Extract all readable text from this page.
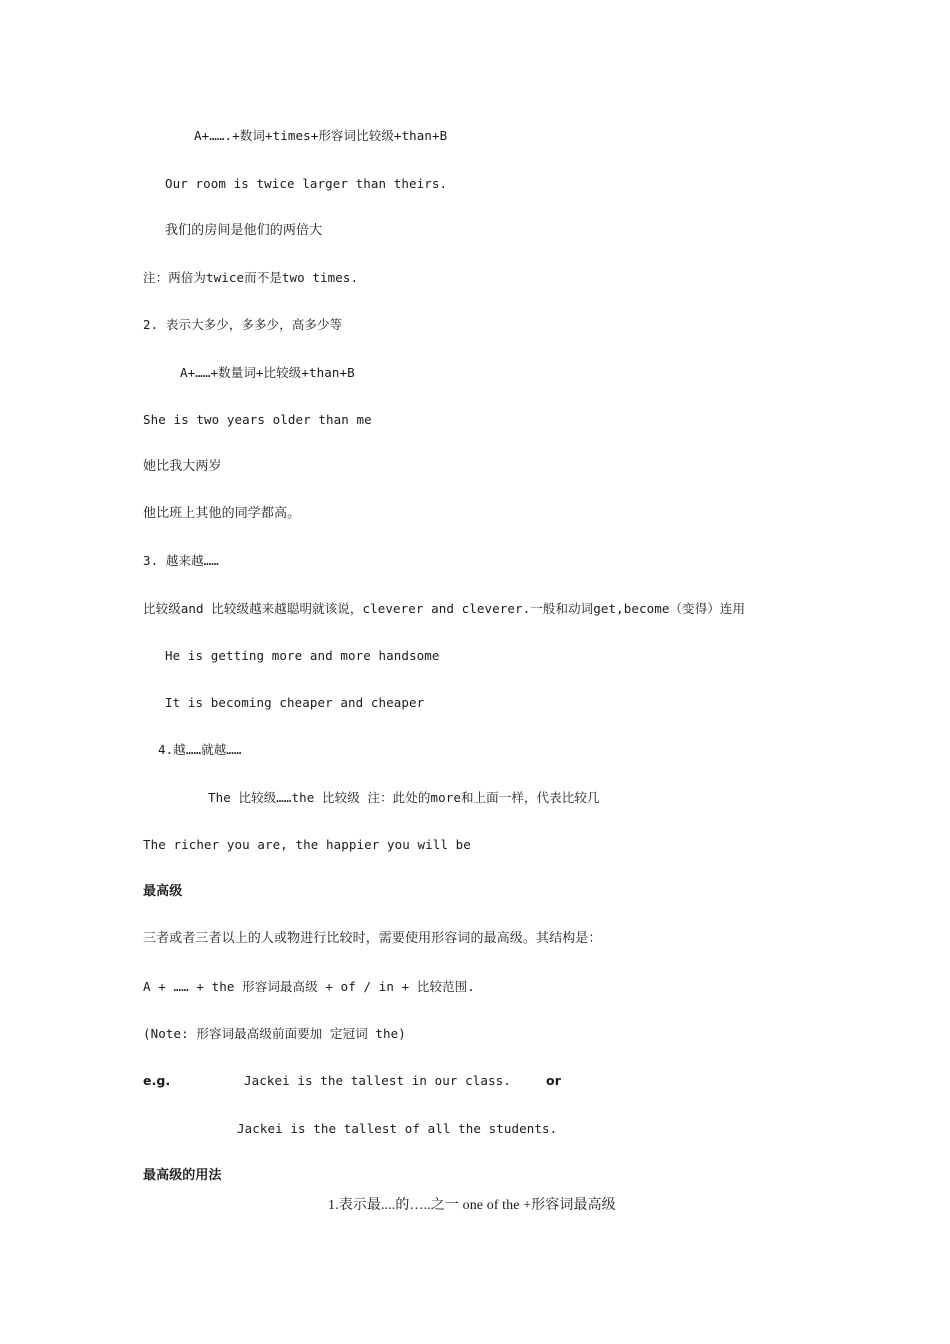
A+…….+数词+times+形容词比较级+than+B
Our room is twice larger than theirs.
我们的房间是他们的两倍大
注：两倍为twice而不是two times.
2. 表示大多少，多多少，高多少等
A+……+数量词+比较级+than+B
She is two years older than me
她比我大两岁
他比班上其他的同学都高。
3. 越来越……
比较级and 比较级越来越聪明就该说，cleverer and cleverer.一般和动词get,become（变得）连用
He is getting more and more handsome
It is becoming cheaper and cheaper
4.越……就越……
The 比较级……the 比较级 注：此处的more和上面一样，代表比较几
The richer you are, the happier you will be
最高级
三者或者三者以上的人或物进行比较时，需要使用形容词的最高级。其结构是：
A + …… + the 形容词最高级 + of / in + 比较范围.
(Note: 形容词最高级前面要加 定冠词 the)
e.g.	Jackei is the tallest in our class.	or
Jackei is the tallest of all the students.
最高级的用法
1.表示最....的…..之一 one of the +形容词最高级
